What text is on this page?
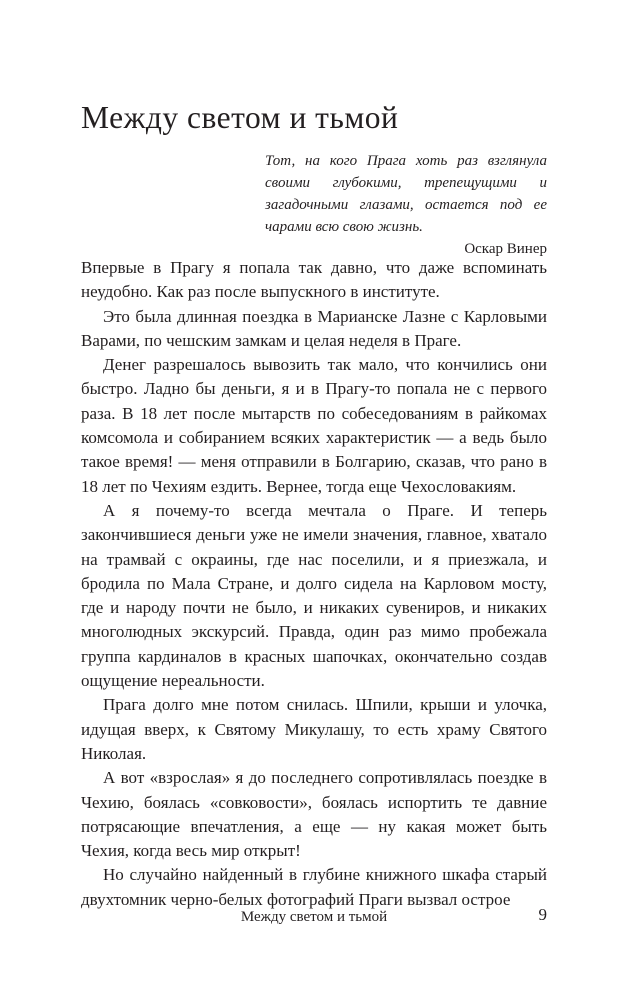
Между светом и тьмой

Тот, на кого Прага хоть раз взглянула своими глубокими, трепещущими и загадочными глазами, остается под ее чарами всю свою жизнь.

Оскар Винер

Впервые в Прагу я попала так давно, что даже вспоминать неудобно. Как раз после выпускного в институте.

Это была длинная поездка в Марианске Лазне с Карловыми Варами, по чешским замкам и целая неделя в Праге.

Денег разрешалось вывозить так мало, что кончились они быстро. Ладно бы деньги, я и в Прагу-то попала не с первого раза. В 18 лет после мытарств по собеседованиям в райкомах комсомола и собиранием всяких характеристик — а ведь было такое время! — меня отправили в Болгарию, сказав, что рано в 18 лет по Чехиям ездить. Вернее, тогда еще Чехословакиям.

А я почему-то всегда мечтала о Праге. И теперь закончившиеся деньги уже не имели значения, главное, хватало на трамвай с окраины, где нас поселили, и я приезжала, и бродила по Мала Стране, и долго сидела на Карловом мосту, где и народу почти не было, и никаких сувениров, и никаких многолюдных экскурсий. Правда, один раз мимо пробежала группа кардиналов в красных шапочках, окончательно создав ощущение нереальности.

Прага долго мне потом снилась. Шпили, крыши и улочка, идущая вверх, к Святому Микулашу, то есть храму Святого Николая.

А вот «взрослая» я до последнего сопротивлялась поездке в Чехию, боялась «совковости», боялась испортить те давние потрясающие впечатления, а еще — ну какая может быть Чехия, когда весь мир открыт!

Но случайно найденный в глубине книжного шкафа старый двухтомник черно-белых фотографий Праги вызвал острое

Между светом и тьмой	9
